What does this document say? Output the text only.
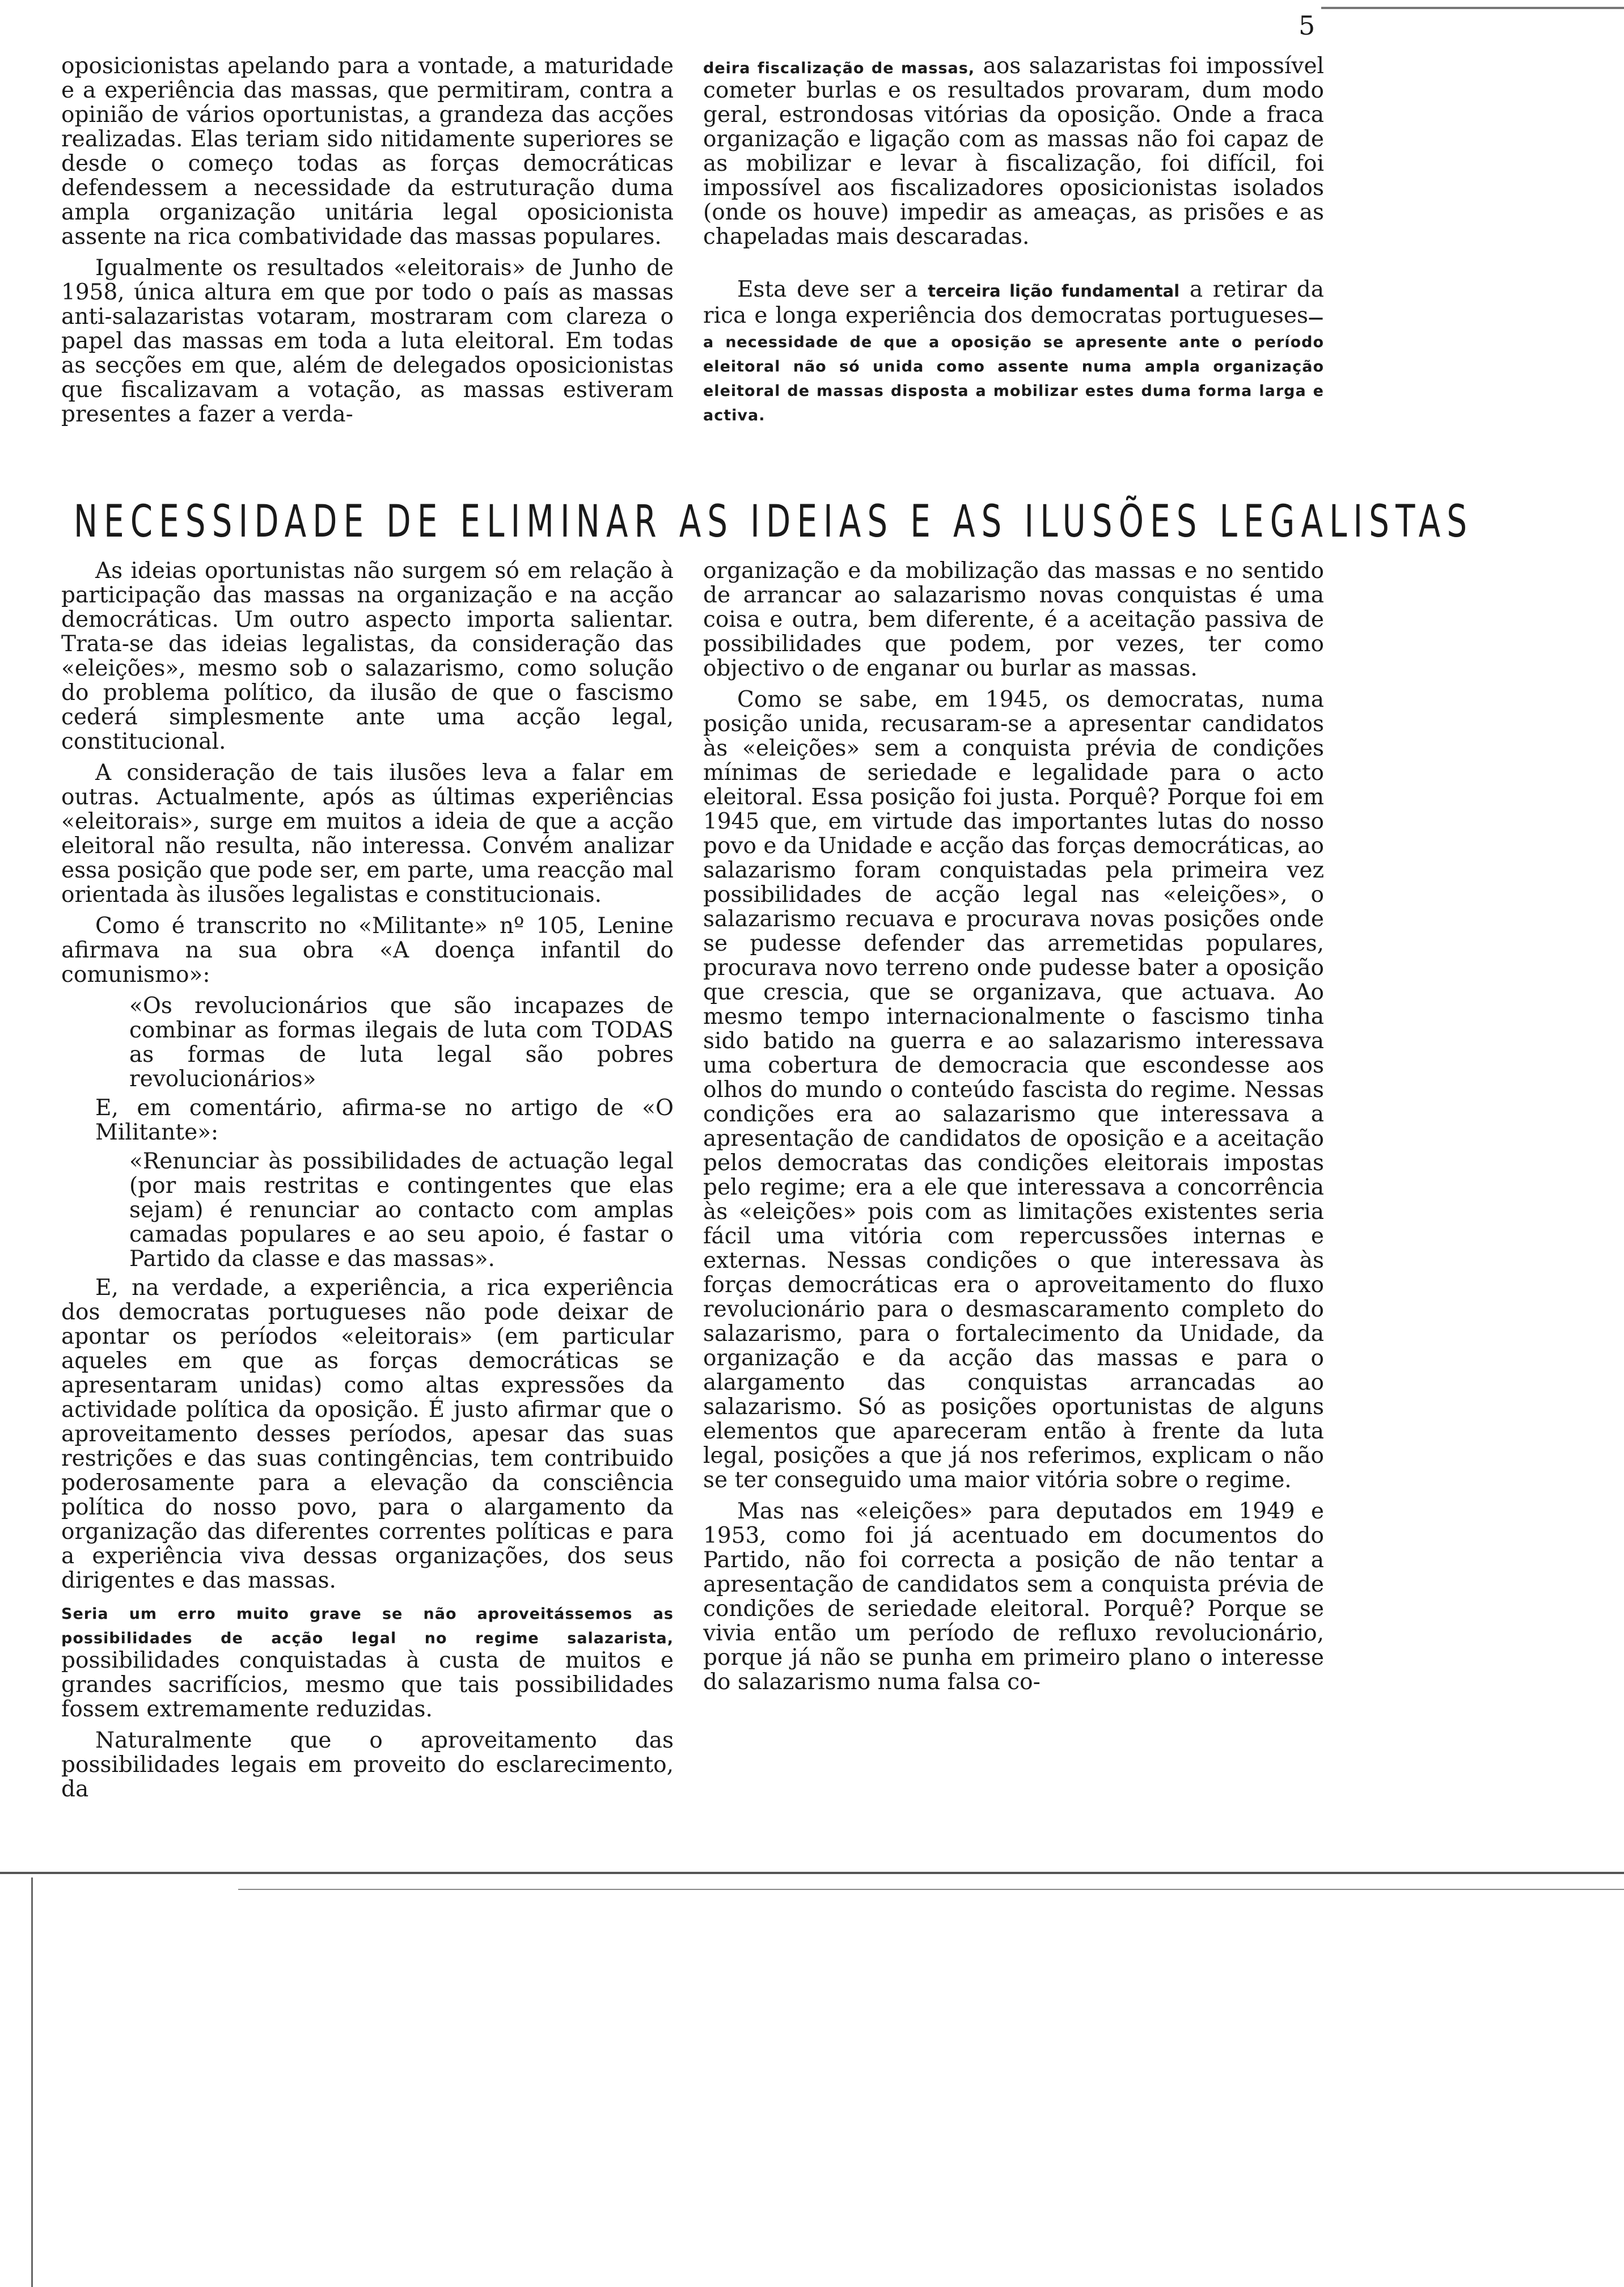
5

oposicionistas apelando para a vontade, a maturidade e a experiência das massas, que permitiram, contra a opinião de vários oportunistas, a grandeza das acções realizadas. Elas teriam sido nitidamente superiores se desde o começo todas as forças democráticas defendessem a necessidade da estruturação duma ampla organização unitária legal oposicionista assente na rica combatividade das massas populares.

Igualmente os resultados «eleitorais» de Junho de 1958, única altura em que por todo o país as massas anti-salazaristas votaram, mostraram com clareza o papel das massas em toda a luta eleitoral. Em todas as secções em que, além de delegados oposicionistas que fiscalizavam a votação, as massas estiveram presentes a fazer a verda-

deira fiscalização de massas, aos salazaristas foi impossível cometer burlas e os resultados provaram, dum modo geral, estrondosas vitórias da oposição. Onde a fraca organização e ligação com as massas não foi capaz de as mobilizar e levar à fiscalização, foi difícil, foi impossível aos fiscalizadores oposicionistas isolados (onde os houve) impedir as ameaças, as prisões e as chapeladas mais descaradas.

Esta deve ser a terceira lição fundamental a retirar da rica e longa experiência dos democratas portugueses— a necessidade de que a oposição se apresente ante o período eleitoral não só unida como assente numa ampla organização eleitoral de massas disposta a mobilizar estes duma forma larga e activa.

NECESSIDADE DE ELIMINAR AS IDEIAS E AS ILUSÕES LEGALISTAS

As ideias oportunistas não surgem só em relação à participação das massas na organização e na acção democráticas. Um outro aspecto importa salientar. Trata-se das ideias legalistas, da consideração das «eleições», mesmo sob o salazarismo, como solução do problema político, da ilusão de que o fascismo cederá simplesmente ante uma acção legal, constitucional.

A consideração de tais ilusões leva a falar em outras. Actualmente, após as últimas experiências «eleitorais», surge em muitos a ideia de que a acção eleitoral não resulta, não interessa. Convém analizar essa posição que pode ser, em parte, uma reacção mal orientada às ilusões legalistas e constitucionais.

Como é transcrito no «Militante» nº 105, Lenine afirmava na sua obra «A doença infantil do comunismo»:

«Os revolucionários que são incapazes de combinar as formas ilegais de luta com TODAS as formas de luta legal são pobres revolucionários»

E, em comentário, afirma-se no artigo de «O Militante»:

«Renunciar às possibilidades de actuação legal (por mais restritas e contingentes que elas sejam) é renunciar ao contacto com amplas camadas populares e ao seu apoio, é fastar o Partido da classe e das massas».

E, na verdade, a experiência, a rica experiência dos democratas portugueses não pode deixar de apontar os períodos «eleitorais» (em particular aqueles em que as forças democráticas se apresentaram unidas) como altas expressões da actividade política da oposição. É justo afirmar que o aproveitamento desses períodos, apesar das suas restrições e das suas contingências, tem contribuido poderosamente para a elevação da consciência política do nosso povo, para o alargamento da organização das diferentes correntes políticas e para a experiência viva dessas organizações, dos seus dirigentes e das massas.

Seria um erro muito grave se não aproveitássemos as possibilidades de acção legal no regime salazarista, possibilidades conquistadas à custa de muitos e grandes sacrifícios, mesmo que tais possibilidades fossem extremamente reduzidas.

Naturalmente que o aproveitamento das possibilidades legais em proveito do esclarecimento, da

organização e da mobilização das massas e no sentido de arrancar ao salazarismo novas conquistas é uma coisa e outra, bem diferente, é a aceitação passiva de possibilidades que podem, por vezes, ter como objectivo o de enganar ou burlar as massas.

Como se sabe, em 1945, os democratas, numa posição unida, recusaram-se a apresentar candidatos às «eleições» sem a conquista prévia de condições mínimas de seriedade e legalidade para o acto eleitoral. Essa posição foi justa. Porquê? Porque foi em 1945 que, em virtude das importantes lutas do nosso povo e da Unidade e acção das forças democráticas, ao salazarismo foram conquistadas pela primeira vez possibilidades de acção legal nas «eleições», o salazarismo recuava e procurava novas posições onde se pudesse defender das arremetidas populares, procurava novo terreno onde pudesse bater a oposição que crescia, que se organizava, que actuava. Ao mesmo tempo internacionalmente o fascismo tinha sido batido na guerra e ao salazarismo interessava uma cobertura de democracia que escondesse aos olhos do mundo o conteúdo fascista do regime. Nessas condições era ao salazarismo que interessava a apresentação de candidatos de oposição e a aceitação pelos democratas das condições eleitorais impostas pelo regime; era a ele que interessava a concorrência às «eleições» pois com as limitações existentes seria fácil uma vitória com repercussões internas e externas. Nessas condições o que interessava às forças democráticas era o aproveitamento do fluxo revolucionário para o desmascaramento completo do salazarismo, para o fortalecimento da Unidade, da organização e da acção das massas e para o alargamento das conquistas arrancadas ao salazarismo. Só as posições oportunistas de alguns elementos que apareceram então à frente da luta legal, posições a que já nos referimos, explicam o não se ter conseguido uma maior vitória sobre o regime.

Mas nas «eleições» para deputados em 1949 e 1953, como foi já acentuado em documentos do Partido, não foi correcta a posição de não tentar a apresentação de candidatos sem a conquista prévia de condições de seriedade eleitoral. Porquê? Porque se vivia então um período de refluxo revolucionário, porque já não se punha em primeiro plano o interesse do salazarismo numa falsa co-
